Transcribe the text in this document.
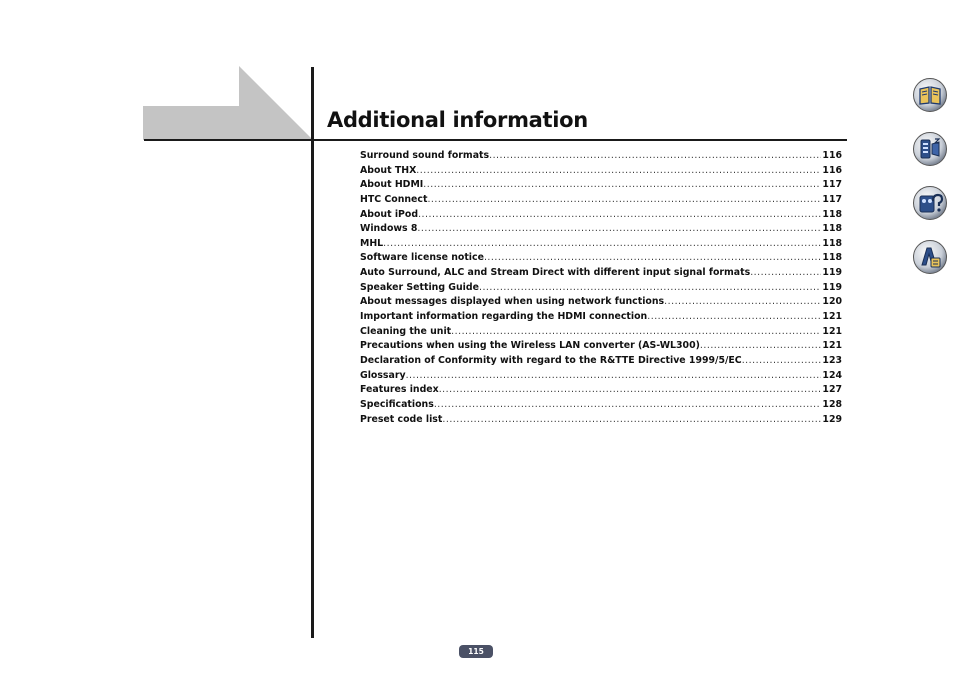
Additional information
Surround sound formats .....	116
About THX .....	116
About HDMI .....	117
HTC Connect .....	117
About iPod .....	118
Windows 8 .....	118
MHL .....	118
Software license notice .....	118
Auto Surround, ALC and Stream Direct with different input signal formats .....	119
Speaker Setting Guide .....	119
About messages displayed when using network functions .....	120
Important information regarding the HDMI connection .....	121
Cleaning the unit .....	121
Precautions when using the Wireless LAN converter (AS-WL300) .....	121
Declaration of Conformity with regard to the R&TTE Directive 1999/5/EC .....	123
Glossary .....	124
Features index .....	127
Specifications .....	128
Preset code list .....	129
115
